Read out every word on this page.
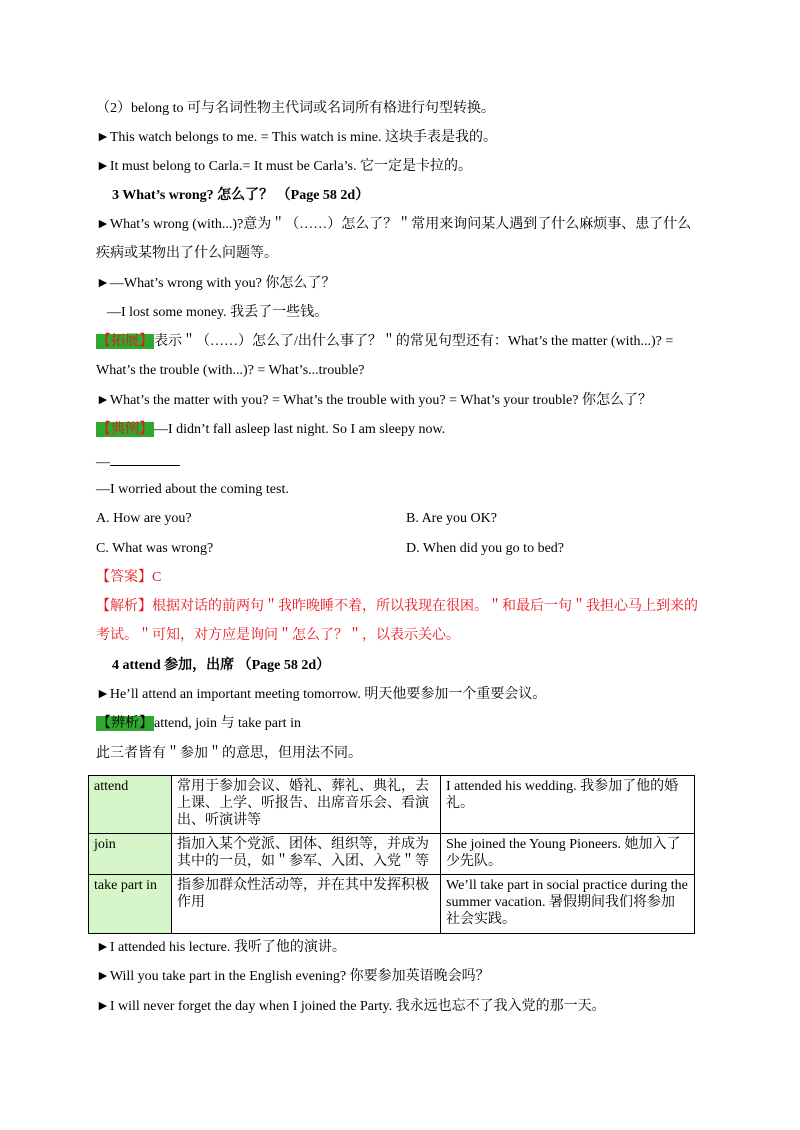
（2）belong to 可与名词性物主代词或名词所有格进行句型转换。
►This watch belongs to me. = This watch is mine. 这块手表是我的。
►It must belong to Carla.= It must be Carla’s. 它一定是卡拉的。
3 What’s wrong? 怎么了？ （Page 58 2d）
►What’s wrong (with...)?意为＂（……）怎么了？＂常用来询问某人遇到了什么麻烦事、患了什么
疾病或某物出了什么问题等。
►—What’s wrong with you? 你怎么了？
—I lost some money. 我丢了一些钱。
【拓展】表示＂（……）怎么了/出什么事了？＂的常见句型还有：What’s the matter (with...)? =
What’s the trouble (with...)? = What’s...trouble?
►What’s the matter with you? = What’s the trouble with you? = What’s your trouble? 你怎么了？
【典例】—I didn’t fall asleep last night. So I am sleepy now.
—
—I worried about the coming test.
A. How are you?	B. Are you OK?
C. What was wrong?	D. When did you go to bed?
【答案】C
【解析】根据对话的前两句＂我昨晚睡不着，所以我现在很困。＂和最后一句＂我担心马上到来的
考试。＂可知，对方应是询问＂怎么了？＂，以表示关心。
4 attend 参加，出席 （Page 58 2d）
►He’ll attend an important meeting tomorrow. 明天他要参加一个重要会议。
【辨析】attend, join 与 take part in
此三者皆有＂参加＂的意思，但用法不同。
attend	常用于参加会议、婚礼、葬礼、典礼，去上课、上学、听报告、出席音乐会、看演出、听演讲等	I attended his wedding. 我参加了他的婚礼。
join	指加入某个党派、团体、组织等，并成为其中的一员，如＂参军、入团、入党＂等	She joined the Young Pioneers. 她加入了少先队。
take part in	指参加群众性活动等，并在其中发挥积极作用	We’ll take part in social practice during the summer vacation. 暑假期间我们将参加社会实践。
►I attended his lecture. 我听了他的演讲。
►Will you take part in the English evening? 你要参加英语晚会吗？
►I will never forget the day when I joined the Party. 我永远也忘不了我入党的那一天。
